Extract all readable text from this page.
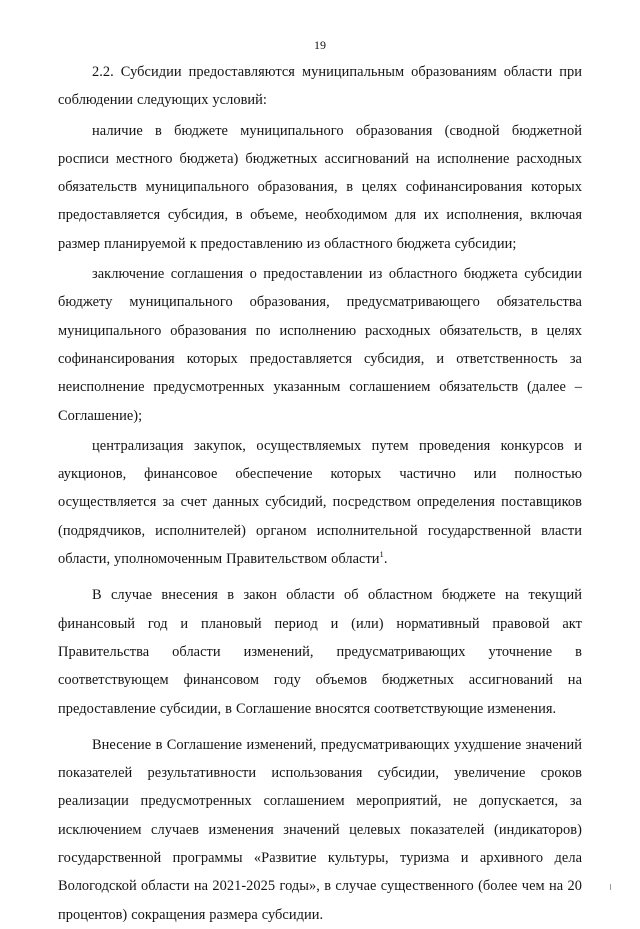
19

2.2. Субсидии предоставляются муниципальным образованиям области при соблюдении следующих условий:

наличие в бюджете муниципального образования (сводной бюджетной росписи местного бюджета) бюджетных ассигнований на исполнение расходных обязательств муниципального образования, в целях софинансирования которых предоставляется субсидия, в объеме, необходимом для их исполнения, включая размер планируемой к предоставлению из областного бюджета субсидии;

заключение соглашения о предоставлении из областного бюджета субсидии бюджету муниципального образования, предусматривающего обязательства муниципального образования по исполнению расходных обязательств, в целях софинансирования которых предоставляется субсидия, и ответственность за неисполнение предусмотренных указанным соглашением обязательств (далее – Соглашение);

централизация закупок, осуществляемых путем проведения конкурсов и аукционов, финансовое обеспечение которых частично или полностью осуществляется за счет данных субсидий, посредством определения поставщиков (подрядчиков, исполнителей) органом исполнительной государственной власти области, уполномоченным Правительством области$^1$.

В случае внесения в закон области об областном бюджете на текущий финансовый год и плановый период и (или) нормативный правовой акт Правительства области изменений, предусматривающих уточнение в соответствующем финансовом году объемов бюджетных ассигнований на предоставление субсидии, в Соглашение вносятся соответствующие изменения.

Внесение в Соглашение изменений, предусматривающих ухудшение значений показателей результативности использования субсидии, увеличение сроков реализации предусмотренных соглашением мероприятий, не допускается, за исключением случаев изменения значений целевых показателей (индикаторов) государственной программы «Развитие культуры, туризма и архивного дела Вологодской области на 2021-2025 годы», в случае существенного (более чем на 20 процентов) сокращения размера субсидии.
